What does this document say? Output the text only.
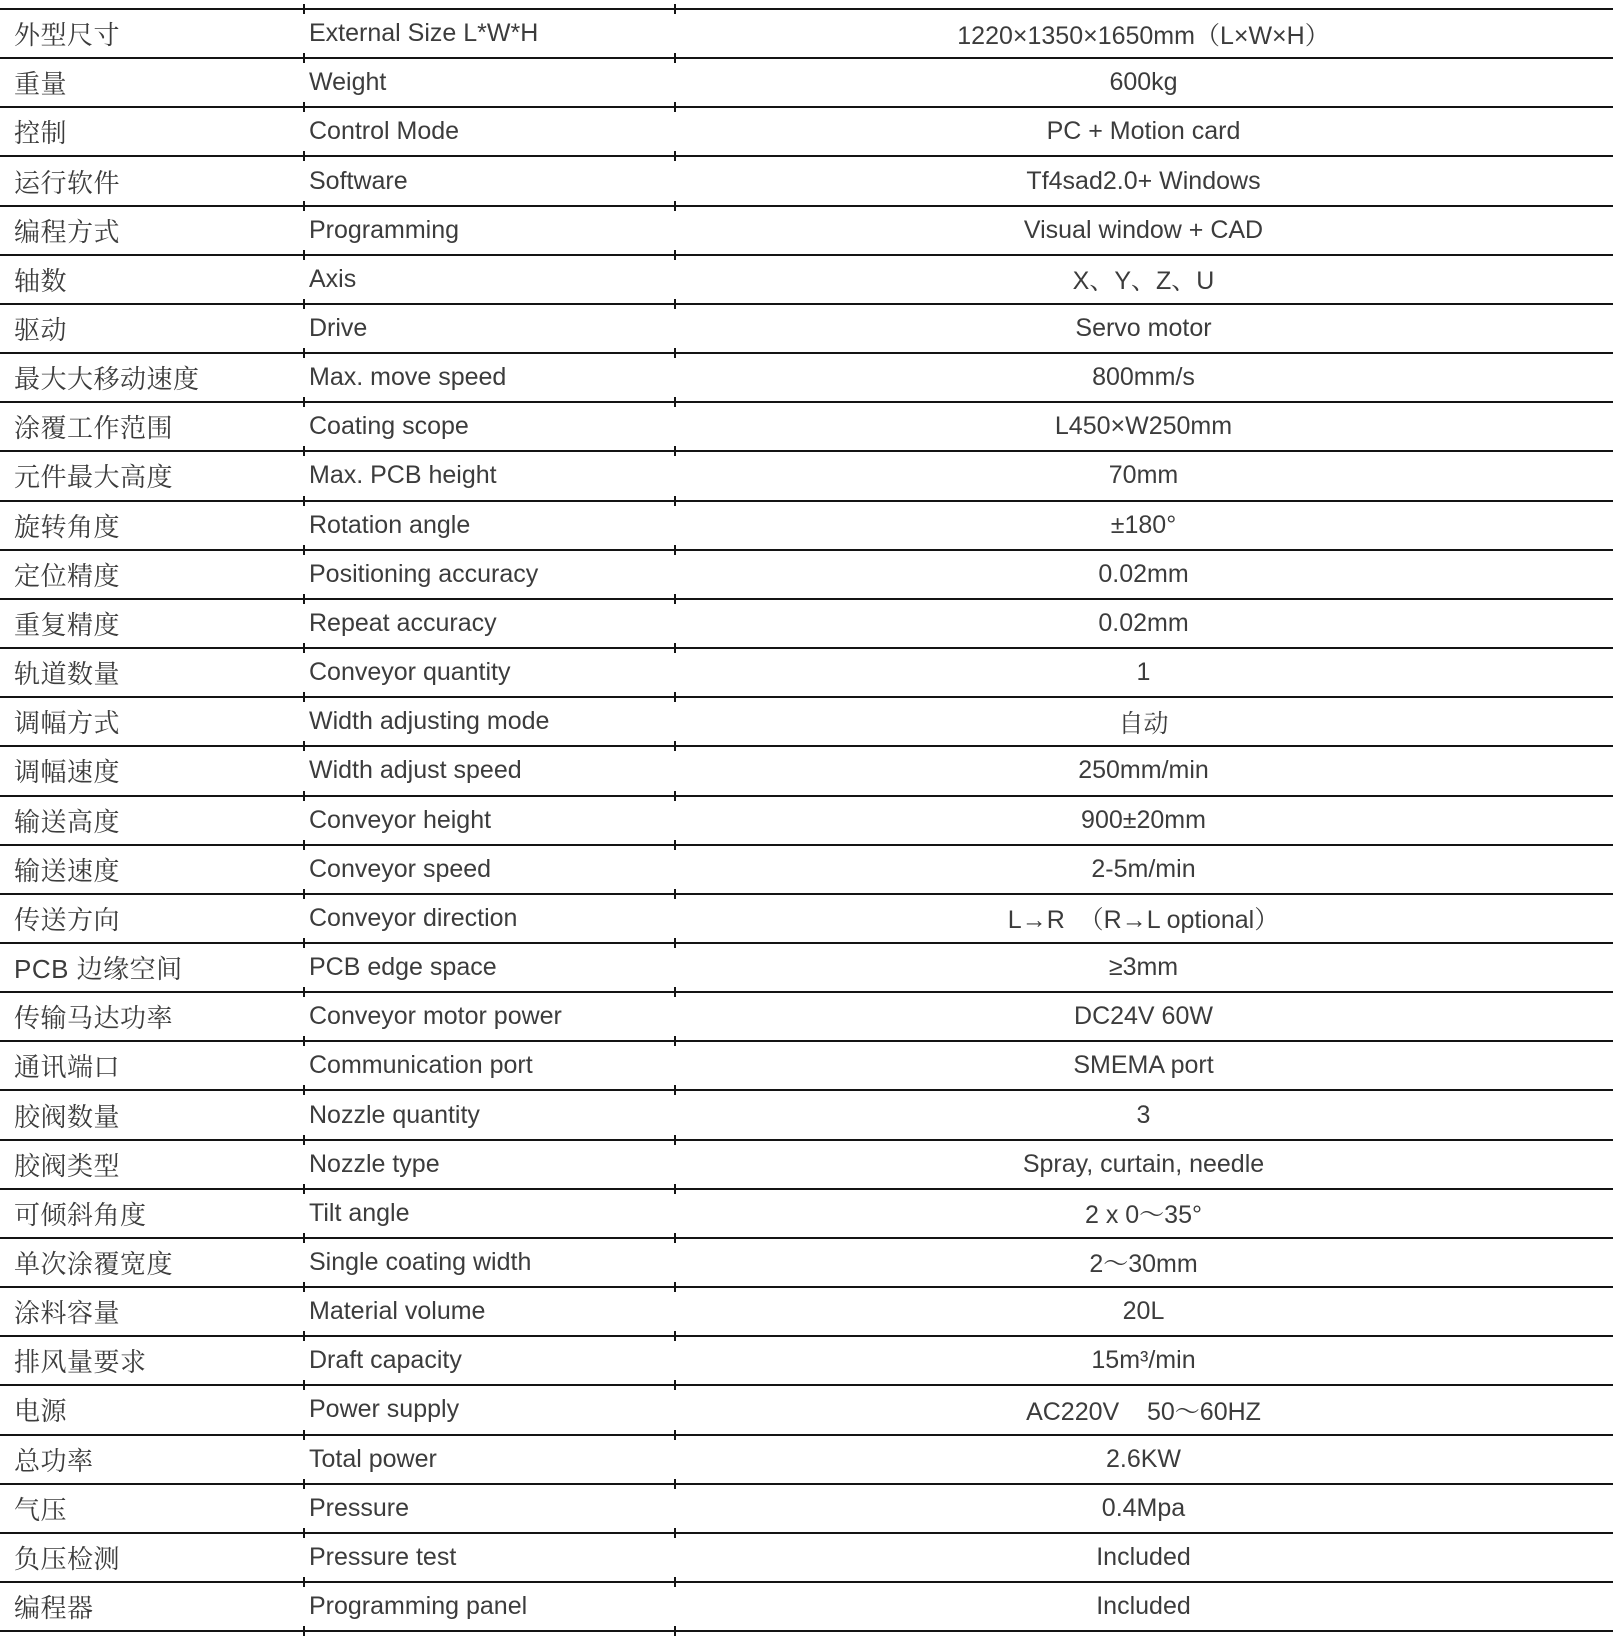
外型尺寸	External Size L*W*H	1220×1350×1650mm（L×W×H）
重量	Weight	600kg
控制	Control Mode	PC + Motion card
运行软件	Software	Tf4sad2.0+ Windows
编程方式	Programming	Visual window + CAD
轴数	Axis	X、Y、Z、U
驱动	Drive	Servo motor
最大大移动速度	Max. move speed	800mm/s
涂覆工作范围	Coating scope	L450×W250mm
元件最大高度	Max. PCB height	70mm
旋转角度	Rotation angle	±180°
定位精度	Positioning accuracy	0.02mm
重复精度	Repeat accuracy	0.02mm
轨道数量	Conveyor quantity	1
调幅方式	Width adjusting mode	自动
调幅速度	Width adjust speed	250mm/min
输送高度	Conveyor height	900±20mm
输送速度	Conveyor speed	2-5m/min
传送方向	Conveyor direction	L→R  （R→L optional）
PCB 边缘空间	PCB edge space	≥3mm
传输马达功率	Conveyor motor power	DC24V 60W
通讯端口	Communication port	SMEMA port
胶阀数量	Nozzle quantity	3
胶阀类型	Nozzle type	Spray, curtain, needle
可倾斜角度	Tilt angle	2 x 0～35°
单次涂覆宽度	Single coating width	2～30mm
涂料容量	Material volume	20L
排风量要求	Draft capacity	15m³/min
电源	Power supply	AC220V    50～60HZ
总功率	Total power	2.6KW
气压	Pressure	0.4Mpa
负压检测	Pressure test	Included
编程器	Programming panel	Included
